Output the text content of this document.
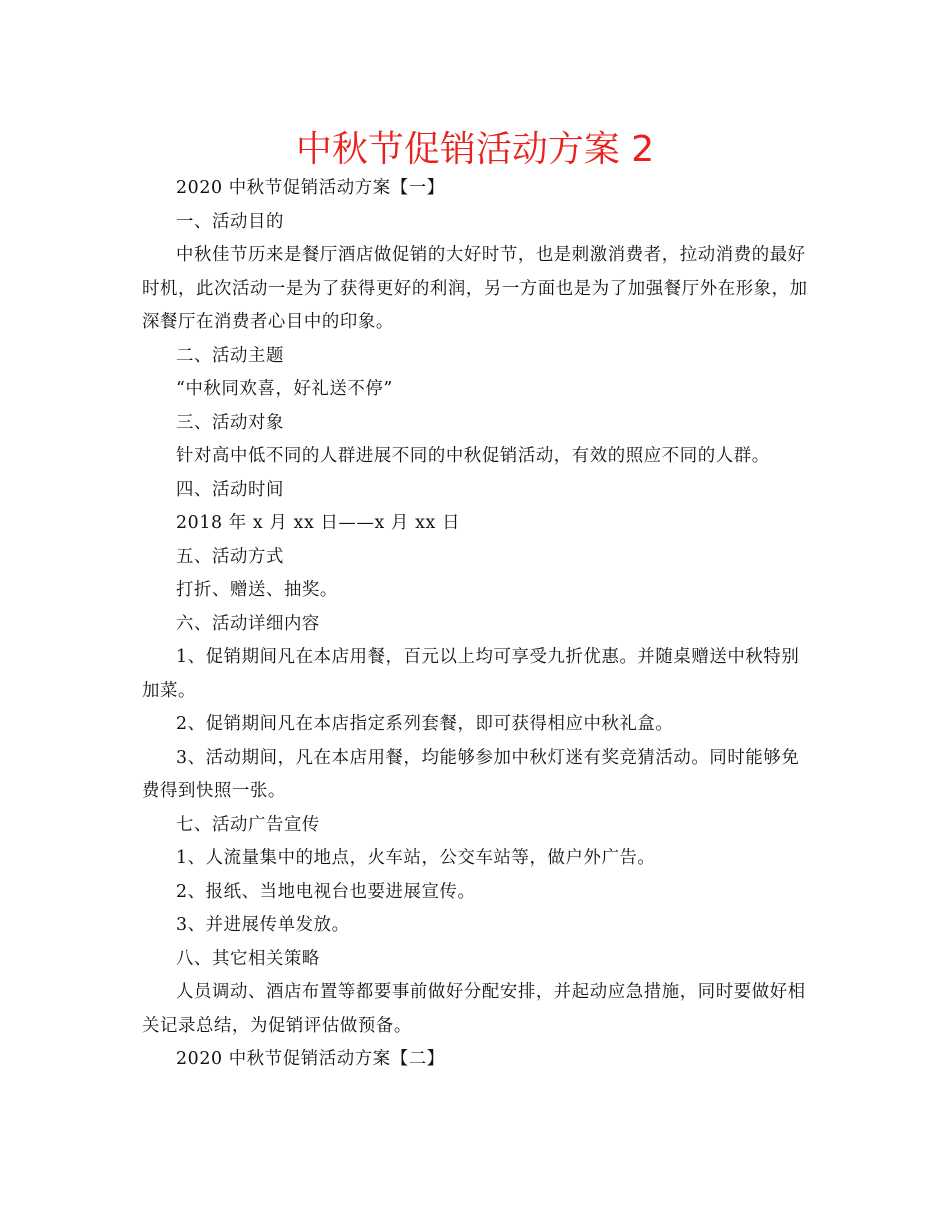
中秋节促销活动方案 2

2020 中秋节促销活动方案【一】

一、活动目的

中秋佳节历来是餐厅酒店做促销的大好时节，也是刺激消费者，拉动消费的最好时机，此次活动一是为了获得更好的利润，另一方面也是为了加强餐厅外在形象，加深餐厅在消费者心目中的印象。

二、活动主题

“中秋同欢喜，好礼送不停”

三、活动对象

针对高中低不同的人群进展不同的中秋促销活动，有效的照应不同的人群。

四、活动时间

2018 年 x 月 xx 日——x 月 xx 日

五、活动方式

打折、赠送、抽奖。

六、活动详细内容

1、促销期间凡在本店用餐，百元以上均可享受九折优惠。并随桌赠送中秋特别加菜。

2、促销期间凡在本店指定系列套餐，即可获得相应中秋礼盒。

3、活动期间，凡在本店用餐，均能够参加中秋灯迷有奖竞猜活动。同时能够免费得到快照一张。

七、活动广告宣传

1、人流量集中的地点，火车站，公交车站等，做户外广告。

2、报纸、当地电视台也要进展宣传。

3、并进展传单发放。

八、其它相关策略

人员调动、酒店布置等都要事前做好分配安排，并起动应急措施，同时要做好相关记录总结，为促销评估做预备。

2020 中秋节促销活动方案【二】
